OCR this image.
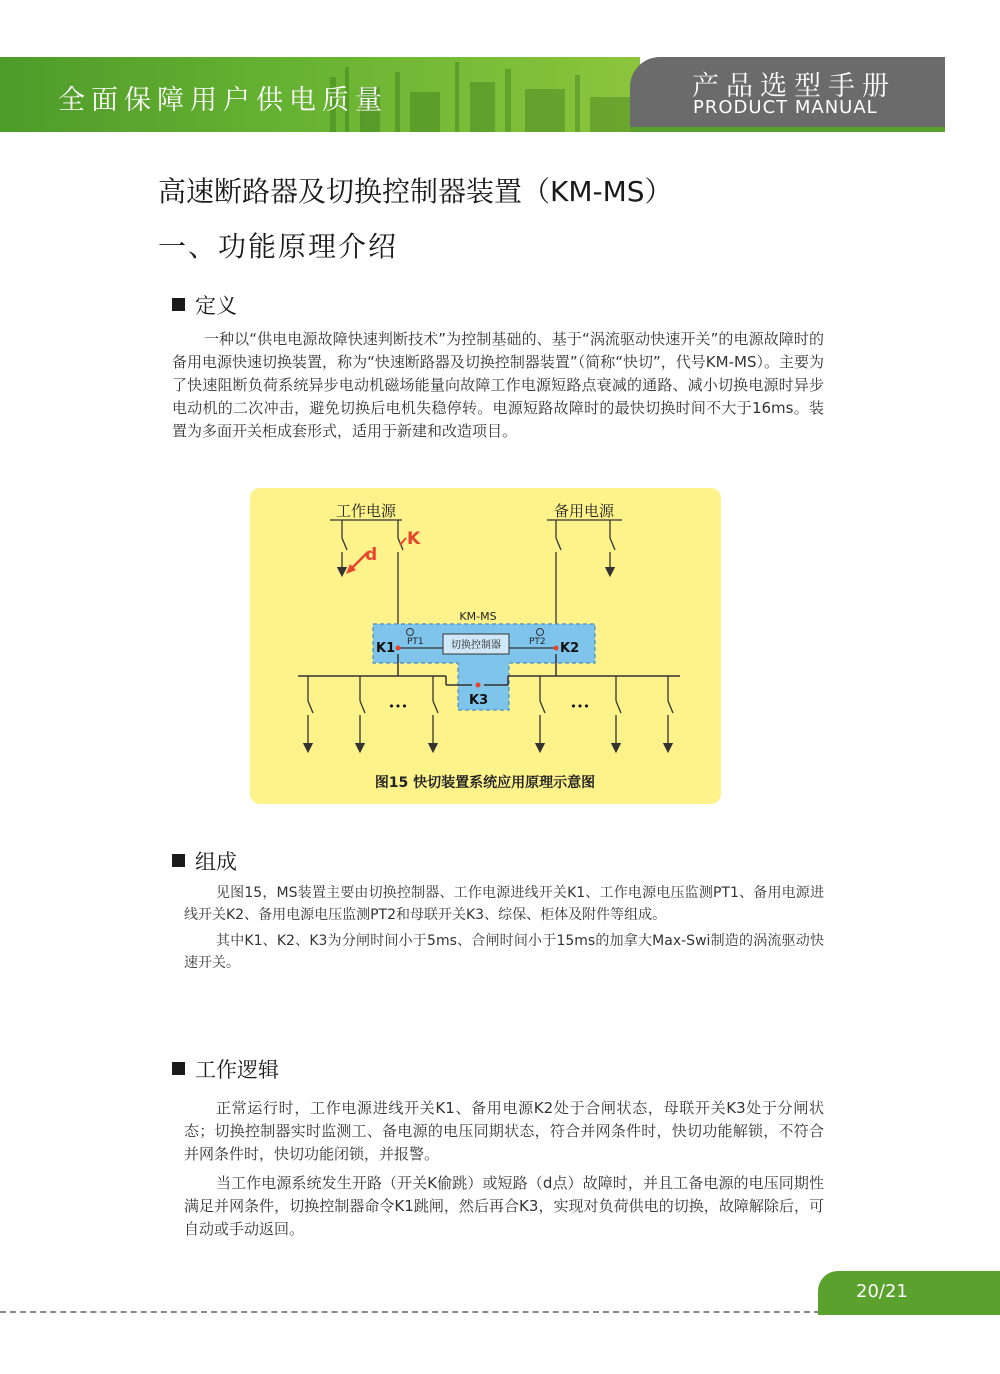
全面保障用户供电质量	产品选型手册
PRODUCT MANUAL
高速断路器及切换控制器装置（KM-MS）
一、功能原理介绍
定义
一种以“供电电源故障快速判断技术”为控制基础的、基于“涡流驱动快速开关”的电源故障时的备用电源快速切换装置，称为“快速断路器及切换控制器装置”（简称“快切”，代号KM-MS）。主要为了快速阻断负荷系统异步电动机磁场能量向故障工作电源短路点衰减的通路、减小切换电源时异步电动机的二次冲击，避免切换后电机失稳停转。电源短路故障时的最快切换时间不大于16ms。装置为多面开关柜成套形式，适用于新建和改造项目。
工作电源	备用电源
d
K
KM-MS
切换控制器
PT1	PT2
K1	K2
K3
•••	•••
图15 快切装置系统应用原理示意图
组成
见图15，MS装置主要由切换控制器、工作电源进线开关K1、工作电源电压监测PT1、备用电源进线开关K2、备用电源电压监测PT2和母联开关K3、综保、柜体及附件等组成。
其中K1、K2、K3为分闸时间小于5ms、合闸时间小于15ms的加拿大Max-Swi制造的涡流驱动快速开关。
工作逻辑
正常运行时，工作电源进线开关K1、备用电源K2处于合闸状态，母联开关K3处于分闸状态；切换控制器实时监测工、备电源的电压同期状态，符合并网条件时，快切功能解锁，不符合并网条件时，快切功能闭锁，并报警。
当工作电源系统发生开路（开关K偷跳）或短路（d点）故障时，并且工备电源的电压同期性满足并网条件，切换控制器命令K1跳闸，然后再合K3，实现对负荷供电的切换，故障解除后，可自动或手动返回。
20/21
